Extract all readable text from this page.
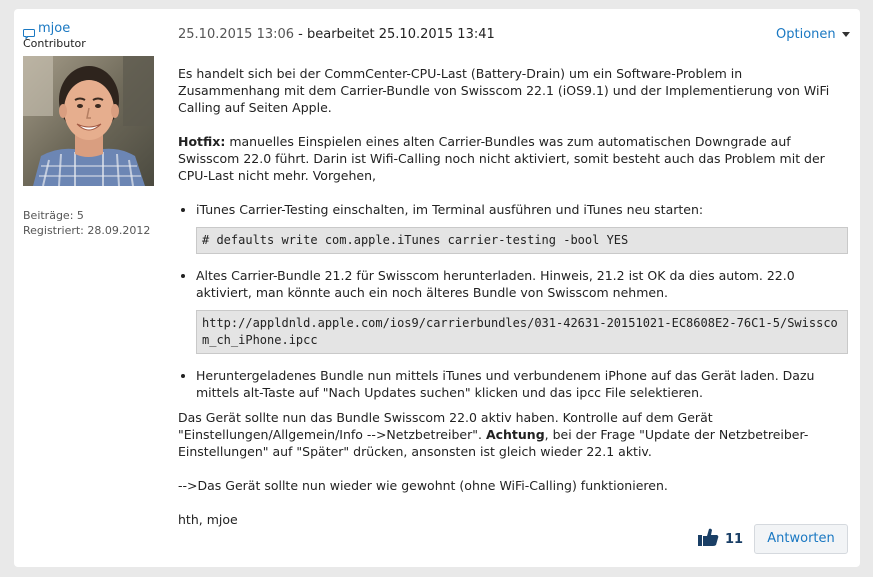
mjoe
Contributor
Beiträge: 5
Registriert: 28.09.2012
25.10.2015 13:06 - bearbeitet 25.10.2015 13:41	Optionen

Es handelt sich bei der CommCenter-CPU-Last (Battery-Drain) um ein Software-Problem in Zusammenhang mit dem Carrier-Bundle von Swisscom 22.1 (iOS9.1) und der Implementierung von WiFi Calling auf Seiten Apple.

Hotfix: manuelles Einspielen eines alten Carrier-Bundles was zum automatischen Downgrade auf Swisscom 22.0 führt. Darin ist Wifi-Calling noch nicht aktiviert, somit besteht auch das Problem mit der CPU-Last nicht mehr. Vorgehen,

• iTunes Carrier-Testing einschalten, im Terminal ausführen und iTunes neu starten:
# defaults write com.apple.iTunes carrier-testing -bool YES
• Altes Carrier-Bundle 21.2 für Swisscom herunterladen. Hinweis, 21.2 ist OK da dies autom. 22.0 aktiviert, man könnte auch ein noch älteres Bundle von Swisscom nehmen.
http://appldnld.apple.com/ios9/carrierbundles/031-42631-20151021-EC8608E2-76C1-5/Swisscom_ch_iPhone.ipcc
• Heruntergeladenes Bundle nun mittels iTunes und verbundenem iPhone auf das Gerät laden. Dazu mittels alt-Taste auf "Nach Updates suchen" klicken und das ipcc File selektieren.

Das Gerät sollte nun das Bundle Swisscom 22.0 aktiv haben. Kontrolle auf dem Gerät "Einstellungen/Allgemein/Info -->Netzbetreiber". Achtung, bei der Frage "Update der Netzbetreiber-Einstellungen" auf "Später" drücken, ansonsten ist gleich wieder 22.1 aktiv.

-->Das Gerät sollte nun wieder wie gewohnt (ohne WiFi-Calling) funktionieren.

hth, mjoe

11	Antworten
